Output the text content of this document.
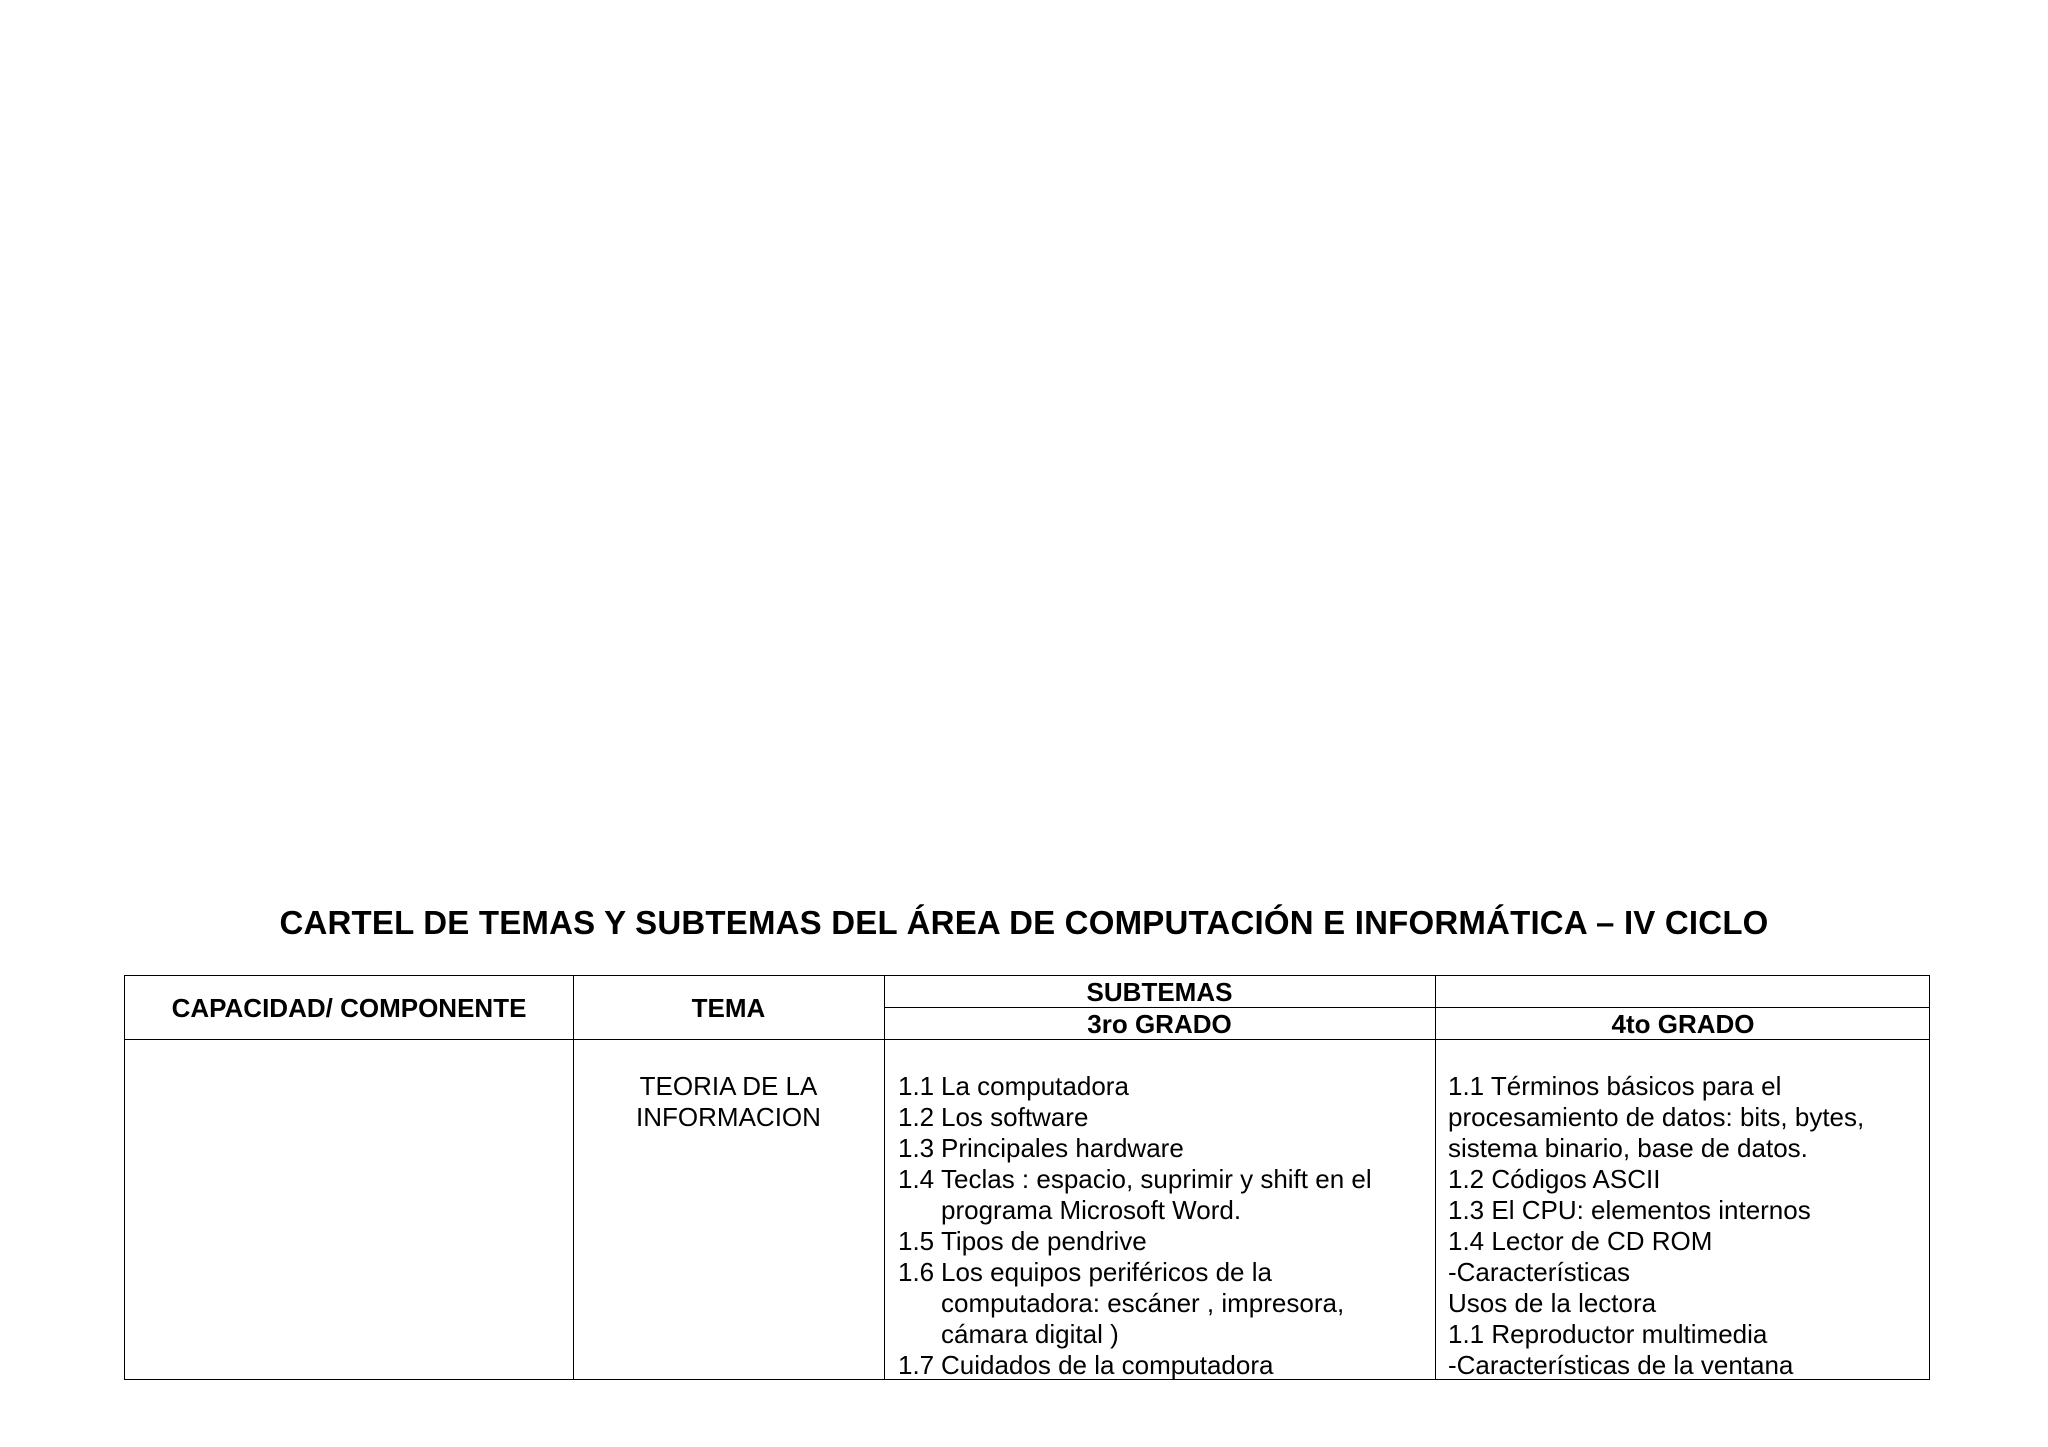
CARTEL DE TEMAS Y SUBTEMAS DEL ÁREA DE COMPUTACIÓN E INFORMÁTICA – IV CICLO
CAPACIDAD/ COMPONENTE	TEMA
SUBTEMAS
3ro GRADO	4to GRADO
TEORIA DE LA
INFORMACION
1.1 La computadora
1.2 Los software
1.3 Principales hardware
1.4 Teclas : espacio, suprimir y shift en el
programa Microsoft Word.
1.5 Tipos de pendrive
1.6 Los equipos periféricos de la
computadora: escáner , impresora,
cámara digital )
1.7 Cuidados de la computadora
1.1 Términos básicos para el
procesamiento de datos: bits, bytes,
sistema binario, base de datos.
1.2 Códigos ASCII
1.3 El CPU: elementos internos
1.4 Lector de CD ROM
-Características
Usos de la lectora
1.1 Reproductor multimedia
-Características de la ventana
